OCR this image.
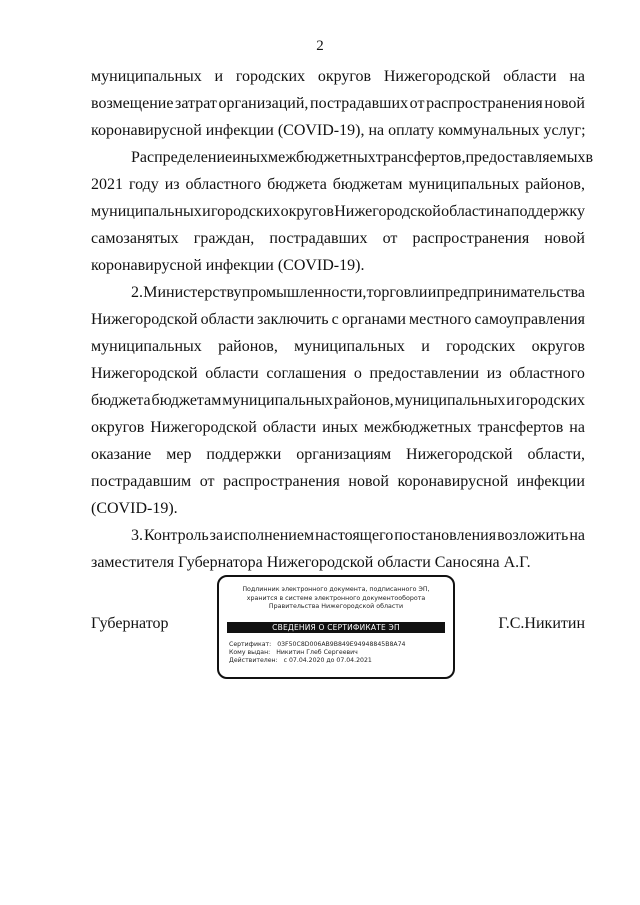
2
муниципальных и городских округов Нижегородской области на
возмещение затрат организаций, пострадавших от распространения новой
коронавирусной инфекции (COVID-19), на оплату коммунальных услуг;
Распределение иных межбюджетных трансфертов, предоставляемых в
2021 году из областного бюджета бюджетам муниципальных районов,
муниципальных и городских округов Нижегородской области на поддержку
самозанятых граждан, пострадавших от распространения новой
коронавирусной инфекции (COVID-19).
2. Министерству промышленности, торговли и предпринимательства
Нижегородской области заключить с органами местного самоуправления
муниципальных районов, муниципальных и городских округов
Нижегородской области соглашения о предоставлении из областного
бюджета бюджетам муниципальных районов, муниципальных и городских
округов Нижегородской области иных межбюджетных трансфертов на
оказание мер поддержки организациям Нижегородской области,
пострадавшим от распространения новой коронавирусной инфекции
(COVID-19).
3. Контроль за исполнением настоящего постановления возложить на
заместителя Губернатора Нижегородской области Саносяна А.Г.
Губернатор
Подлинник электронного документа, подписанного ЭП,
хранится в системе электронного документооборота
Правительства Нижегородской области
СВЕДЕНИЯ О СЕРТИФИКАТЕ ЭП
Сертификат: 03F50C8D006AB9B849E94948845B8A74
Кому выдан: Никитин Глеб Сергеевич
Действителен: с 07.04.2020 до 07.04.2021
Г.С.Никитин
